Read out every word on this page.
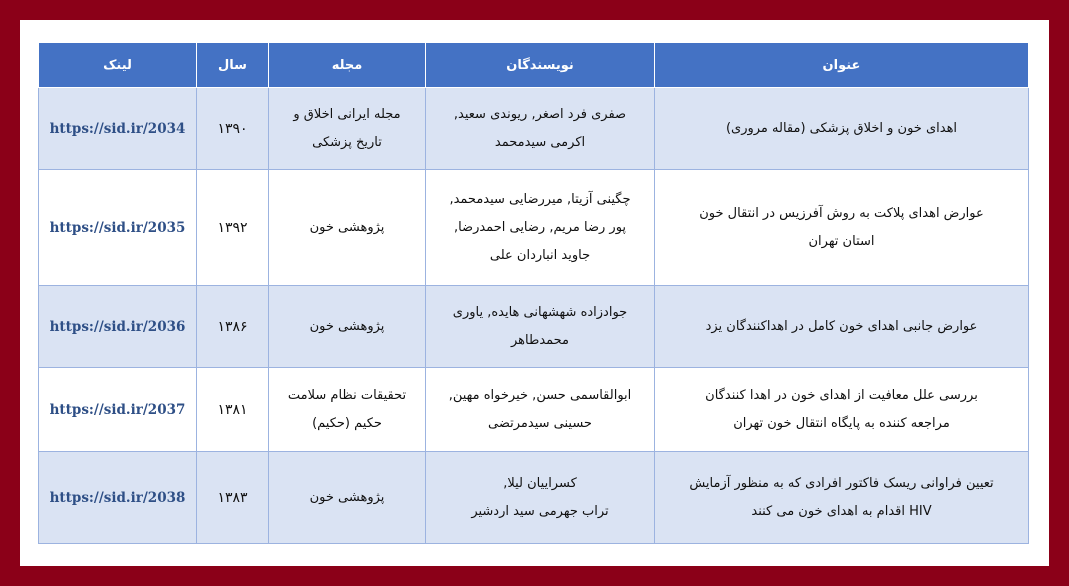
عنوان	نویسندگان	مجله	سال	لینک

اهدای خون و اخلاق پزشکی (مقاله مروری)	صفری فرد اصغر, ریوندی سعید,
اکرمی سیدمحمد	مجله ایرانی اخلاق و
تاریخ پزشکی	۱۳۹۰	https://sid.ir/2034

عوارض اهدای پلاکت به روش آفرزیس در انتقال خون
استان تهران	چگینی آزیتا, میررضایی سیدمحمد,
پور رضا مریم, رضایی احمدرضا,
جاوید انباردان علی	پژوهشی خون	۱۳۹۲	https://sid.ir/2035

عوارض جانبی اهدای خون کامل در اهداکنندگان یزد	جوادزاده شهشهانی هایده, یاوری
محمدطاهر	پژوهشی خون	۱۳۸۶	https://sid.ir/2036

بررسی علل معافیت از اهدای خون در اهدا کنندگان
مراجعه کننده به پایگاه انتقال خون تهران	ابوالقاسمی حسن, خیرخواه مهین,
حسینی سیدمرتضی	تحقیقات نظام سلامت
حکیم (حکیم)	۱۳۸۱	https://sid.ir/2037

تعیین فراوانی ریسک فاکتور افرادی که به منظور آزمایش
HIV اقدام به اهدای خون می کنند	کسراییان لیلا,
تراب جهرمی سید اردشیر	پژوهشی خون	۱۳۸۳	https://sid.ir/2038
